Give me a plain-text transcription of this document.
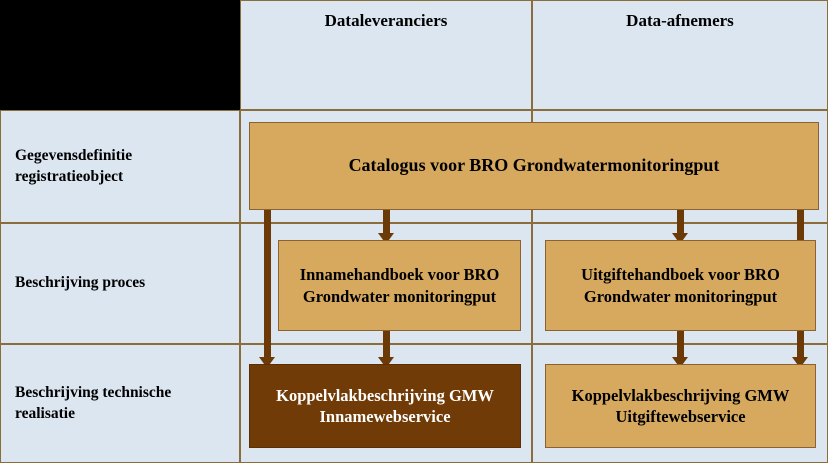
Dataleveranciers	Data-afnemers
Gegevensdefinitie registratieobject
Beschrijving proces
Beschrijving technische realisatie
Catalogus voor BRO Grondwatermonitoringput
Innamehandboek voor BRO Grondwater monitoringput
Uitgiftehandboek voor BRO Grondwater monitoringput
Koppelvlakbeschrijving GMW Innamewebservice
Koppelvlakbeschrijving GMW Uitgiftewebservice
